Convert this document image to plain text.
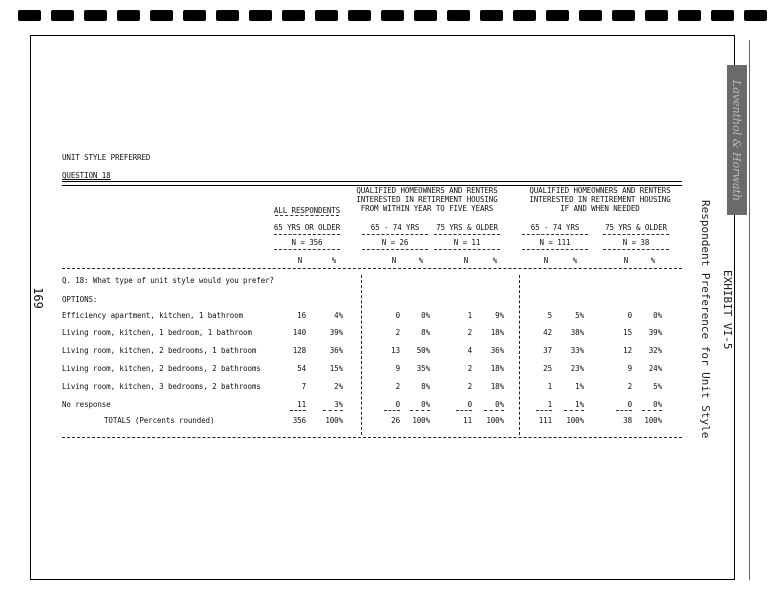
Laventhol & Horwath
EXHIBIT VI-5
Respondent Preference for Unit Style
169
UNIT STYLE PREFERRED
QUESTION 18
QUALIFIED HOMEOWNERS AND RENTERS
INTERESTED IN RETIREMENT HOUSING
FROM WITHIN YEAR TO FIVE YEARS
QUALIFIED HOMEOWNERS AND RENTERS
INTERESTED IN RETIREMENT HOUSING
IF AND WHEN NEEDED
ALL RESPONDENTS
65 YRS OR OLDER
N = 356
65 - 74 YRS
N = 26
75 YRS & OLDER
N = 11
65 - 74 YRS
N = 111
75 YRS & OLDER
N = 38
N	%	N	%	N	%	N	%	N	%
Q. 18: What type of unit style would you prefer?
OPTIONS:
Efficiency apartment, kitchen, 1 bathroom	16	4%	0	0%	1	9%	5	5%	0	0%
Living room, kitchen, 1 bedroom, 1 bathroom	140	39%	2	8%	2	18%	42	38%	15	39%
Living room, kitchen, 2 bedrooms, 1 bathroom	128	36%	13	50%	4	36%	37	33%	12	32%
Living room, kitchen, 2 bedrooms, 2 bathrooms	54	15%	9	35%	2	18%	25	23%	9	24%
Living room, kitchen, 3 bedrooms, 2 bathrooms	7	2%	2	8%	2	18%	1	1%	2	5%
No response	11	3%	0	0%	0	0%	1	1%	0	0%
TOTALS (Percents rounded)	356	100%	26	100%	11	100%	111	100%	38	100%
